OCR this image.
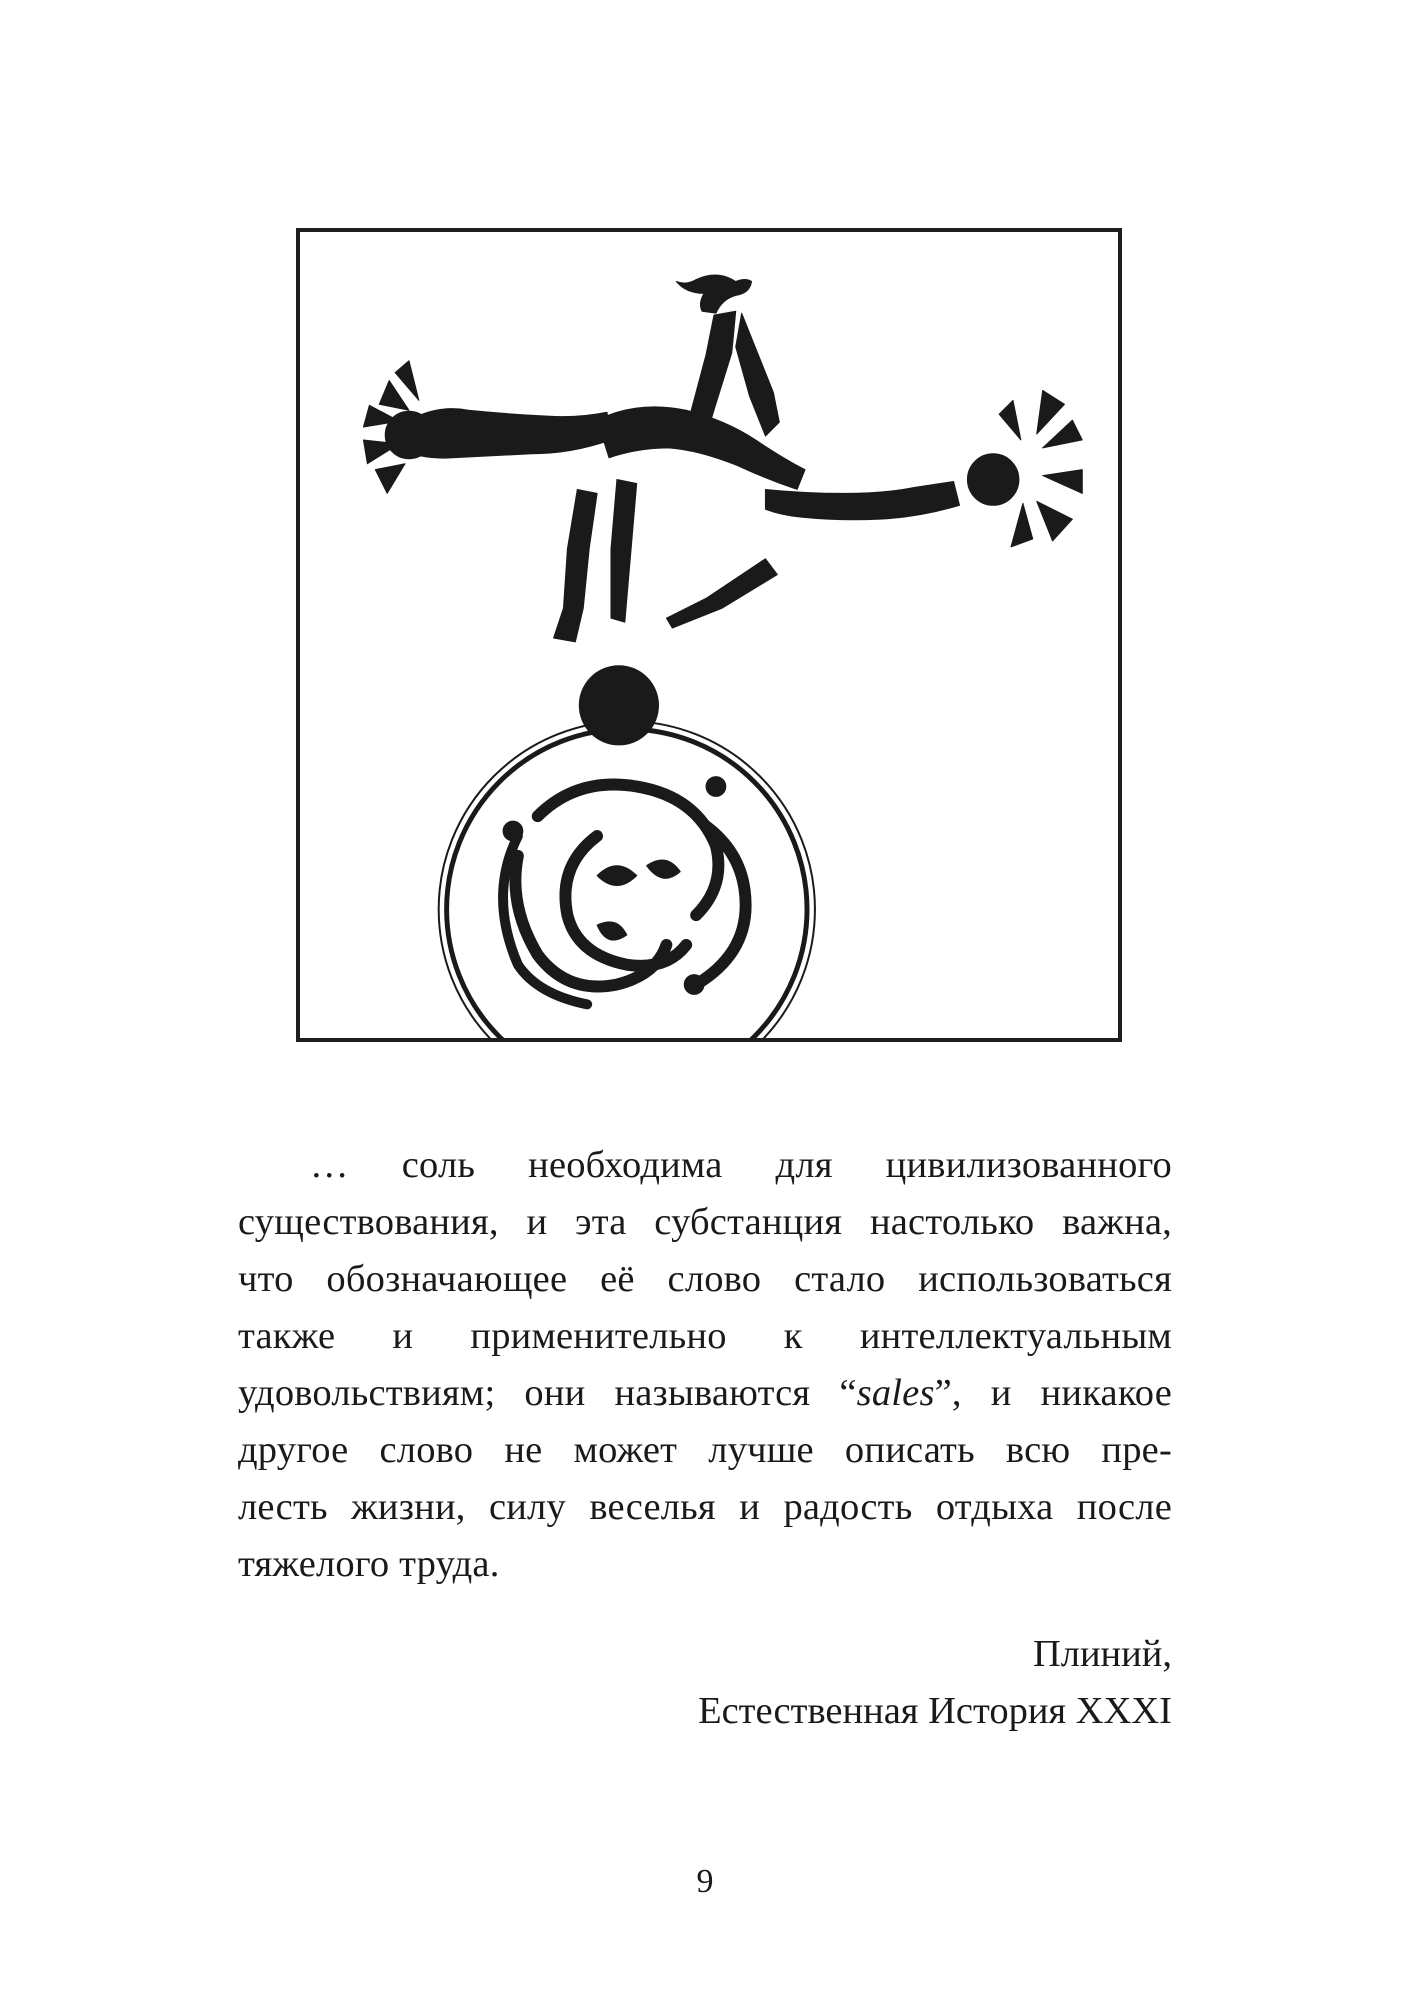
… соль необходима для цивилизованного
существования, и эта субстанция настолько важна,
что обозначающее её слово стало использоваться
также и применительно к интеллектуальным
удовольствиям; они называются “sales”, и никакое
другое слово не может лучше описать всю пре-
лесть жизни, силу веселья и радость отдыха после
тяжелого труда.
Плиний,
Естественная История XXXI
9
